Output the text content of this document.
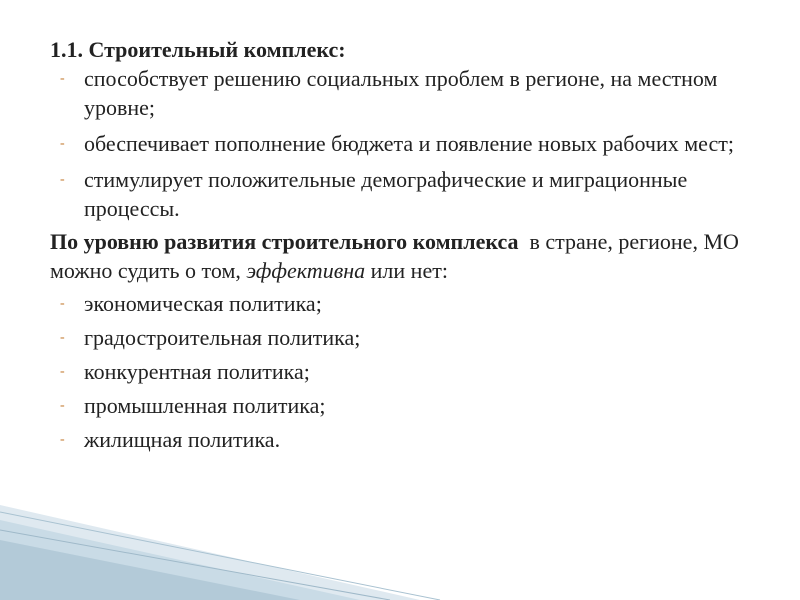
1.1. Строительный комплекс:

- способствует решению социальных проблем в регионе, на местном уровне;
- обеспечивает пополнение бюджета и появление новых рабочих мест;
- стимулирует положительные демографические и миграционные процессы.

По уровню развития строительного комплекса  в стране, регионе, МО можно судить о том, эффективна или нет:

- экономическая политика;
- градостроительная политика;
- конкурентная политика;
- промышленная политика;
- жилищная политика.
